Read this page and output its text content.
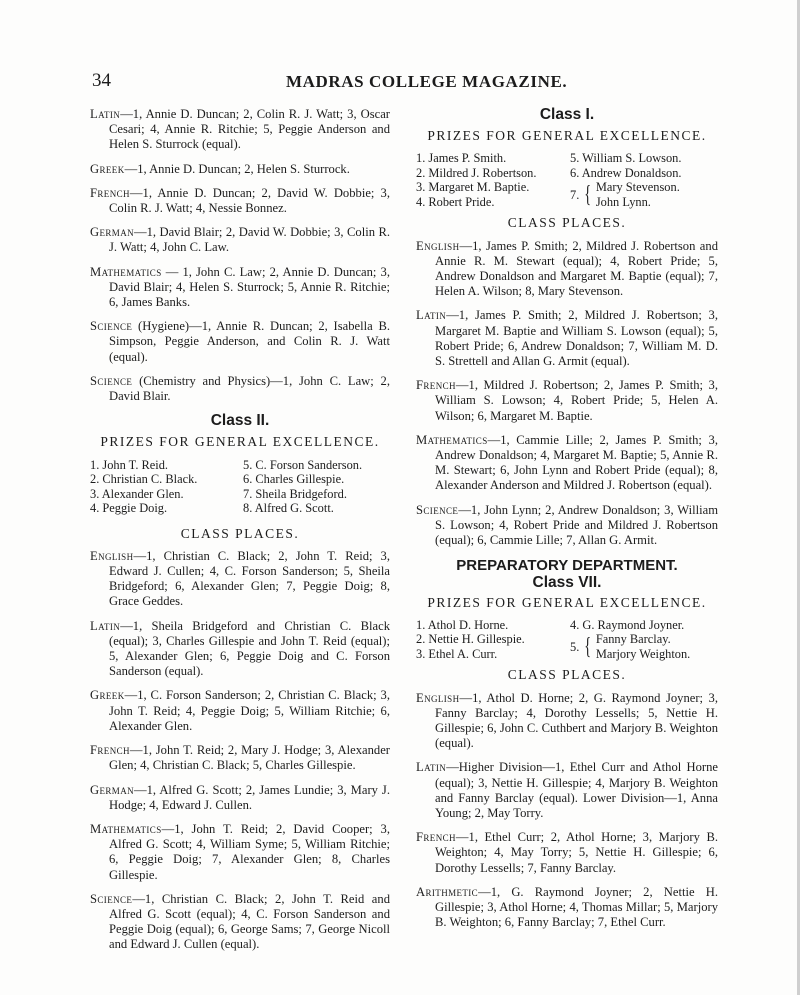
34	MADRAS COLLEGE MAGAZINE.

Latin—1, Annie D. Duncan; 2, Colin R. J. Watt; 3, Oscar Cesari; 4, Annie R. Ritchie; 5, Peggie Anderson and Helen S. Sturrock (equal).

Greek—1, Annie D. Duncan; 2, Helen S. Sturrock.

French—1, Annie D. Duncan; 2, David W. Dobbie; 3, Colin R. J. Watt; 4, Nessie Bonnez.

German—1, David Blair; 2, David W. Dobbie; 3, Colin R. J. Watt; 4, John C. Law.

Mathematics — 1, John C. Law; 2, Annie D. Duncan; 3, David Blair; 4, Helen S. Sturrock; 5, Annie R. Ritchie; 6, James Banks.

Science (Hygiene)—1, Annie R. Duncan; 2, Isabella B. Simpson, Peggie Anderson, and Colin R. J. Watt (equal).

Science (Chemistry and Physics)—1, John C. Law; 2, David Blair.

Class II.
PRIZES FOR GENERAL EXCELLENCE.
1. John T. Reid.	5. C. Forson Sanderson.
2. Christian C. Black.	6. Charles Gillespie.
3. Alexander Glen.	7. Sheila Bridgeford.
4. Peggie Doig.	8. Alfred G. Scott.
CLASS PLACES.

English—1, Christian C. Black; 2, John T. Reid; 3, Edward J. Cullen; 4, C. Forson Sanderson; 5, Sheila Bridgeford; 6, Alexander Glen; 7, Peggie Doig; 8, Grace Geddes.

Latin—1, Sheila Bridgeford and Christian C. Black (equal); 3, Charles Gillespie and John T. Reid (equal); 5, Alexander Glen; 6, Peggie Doig and C. Forson Sanderson (equal).

Greek—1, C. Forson Sanderson; 2, Christian C. Black; 3, John T. Reid; 4, Peggie Doig; 5, William Ritchie; 6, Alexander Glen.

French—1, John T. Reid; 2, Mary J. Hodge; 3, Alexander Glen; 4, Christian C. Black; 5, Charles Gillespie.

German—1, Alfred G. Scott; 2, James Lundie; 3, Mary J. Hodge; 4, Edward J. Cullen.

Mathematics—1, John T. Reid; 2, David Cooper; 3, Alfred G. Scott; 4, William Syme; 5, William Ritchie; 6, Peggie Doig; 7, Alexander Glen; 8, Charles Gillespie.

Science—1, Christian C. Black; 2, John T. Reid and Alfred G. Scott (equal); 4, C. Forson Sanderson and Peggie Doig (equal); 6, George Sams; 7, George Nicoll and Edward J. Cullen (equal).

Class I.
PRIZES FOR GENERAL EXCELLENCE.
1. James P. Smith.	5. William S. Lowson.
2. Mildred J. Robertson.	6. Andrew Donaldson.
3. Margaret M. Baptie.
4. Robert Pride.
7. { Mary Stevenson.
John Lynn.
CLASS PLACES.

English—1, James P. Smith; 2, Mildred J. Robertson and Annie R. M. Stewart (equal); 4, Robert Pride; 5, Andrew Donaldson and Margaret M. Baptie (equal); 7, Helen A. Wilson; 8, Mary Stevenson.

Latin—1, James P. Smith; 2, Mildred J. Robertson; 3, Margaret M. Baptie and William S. Lowson (equal); 5, Robert Pride; 6, Andrew Donaldson; 7, William M. D. S. Strettell and Allan G. Armit (equal).

French—1, Mildred J. Robertson; 2, James P. Smith; 3, William S. Lowson; 4, Robert Pride; 5, Helen A. Wilson; 6, Margaret M. Baptie.

Mathematics—1, Cammie Lille; 2, James P. Smith; 3, Andrew Donaldson; 4, Margaret M. Baptie; 5, Annie R. M. Stewart; 6, John Lynn and Robert Pride (equal); 8, Alexander Anderson and Mildred J. Robertson (equal).

Science—1, John Lynn; 2, Andrew Donaldson; 3, William S. Lowson; 4, Robert Pride and Mildred J. Robertson (equal); 6, Cammie Lille; 7, Allan G. Armit.

PREPARATORY DEPARTMENT.
Class VII.
PRIZES FOR GENERAL EXCELLENCE.
1. Athol D. Horne.	4. G. Raymond Joyner.
2. Nettie H. Gillespie.
3. Ethel A. Curr.
5. { Fanny Barclay.
Marjory Weighton.
CLASS PLACES.

English—1, Athol D. Horne; 2, G. Raymond Joyner; 3, Fanny Barclay; 4, Dorothy Lessells; 5, Nettie H. Gillespie; 6, John C. Cuthbert and Marjory B. Weighton (equal).

Latin—Higher Division—1, Ethel Curr and Athol Horne (equal); 3, Nettie H. Gillespie; 4, Marjory B. Weighton and Fanny Barclay (equal). Lower Division—1, Anna Young; 2, May Torry.

French—1, Ethel Curr; 2, Athol Horne; 3, Marjory B. Weighton; 4, May Torry; 5, Nettie H. Gillespie; 6, Dorothy Lessells; 7, Fanny Barclay.

Arithmetic—1, G. Raymond Joyner; 2, Nettie H. Gillespie; 3, Athol Horne; 4, Thomas Millar; 5, Marjory B. Weighton; 6, Fanny Barclay; 7, Ethel Curr.
